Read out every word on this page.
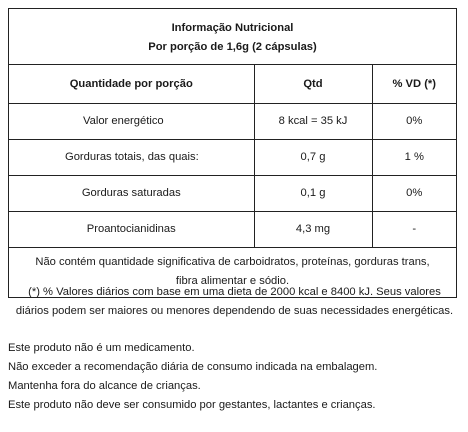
Informação Nutricional
Por porção de 1,6g (2 cápsulas)
Quantidade por porção	Qtd	% VD (*)
Valor energético	8 kcal = 35 kJ	0%
Gorduras totais, das quais:	0,7 g	1 %
Gorduras saturadas	0,1 g	0%
Proantocianidinas	4,3 mg	-
Não contém quantidade significativa de carboidratos, proteínas, gorduras trans, fibra alimentar e sódio.
(*) % Valores diários com base em uma dieta de 2000 kcal e 8400 kJ. Seus valores diários podem ser maiores ou menores dependendo de suas necessidades energéticas.
Este produto não é um medicamento.
Não exceder a recomendação diária de consumo indicada na embalagem.
Mantenha fora do alcance de crianças.
Este produto não deve ser consumido por gestantes, lactantes e crianças.
